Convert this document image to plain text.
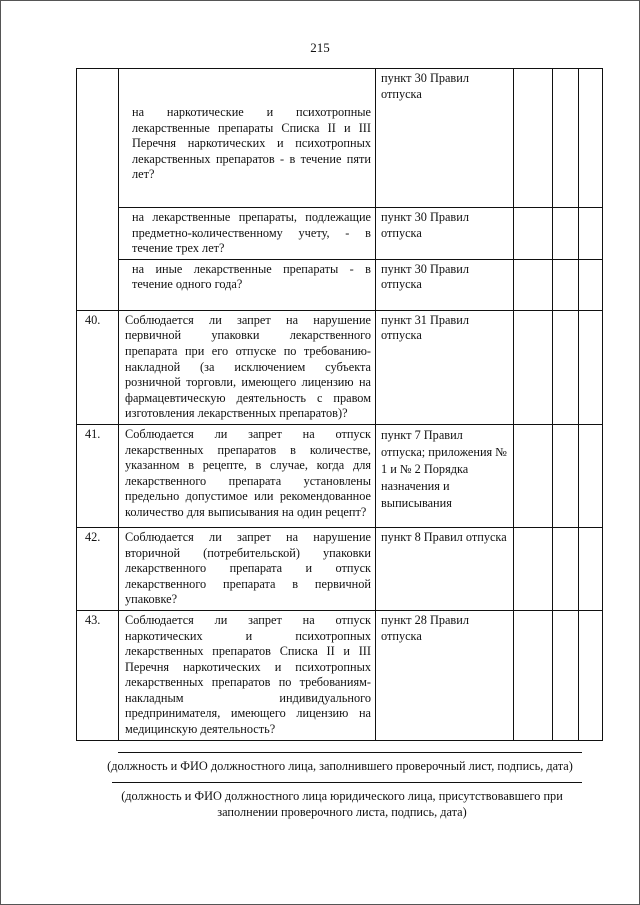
215
	на наркотические и психотропные лекарственные препараты Списка II и III Перечня наркотических и психотропных лекарственных препаратов - в течение пяти лет?	пункт 30 Правил отпуска			
	на лекарственные препараты, подлежащие предметно-количественному учету, - в течение трех лет?	пункт 30 Правил отпуска			
	на иные лекарственные препараты - в течение одного года?	пункт 30 Правил отпуска			
40.	Соблюдается ли запрет на нарушение первичной упаковки лекарственного препарата при его отпуске по требованию-накладной (за исключением субъекта розничной торговли, имеющего лицензию на фармацевтическую деятельность с правом изготовления лекарственных препаратов)?	пункт 31 Правил отпуска			
41.	Соблюдается ли запрет на отпуск лекарственных препаратов в количестве, указанном в рецепте, в случае, когда для лекарственного препарата установлены предельно допустимое или рекомендованное количество для выписывания на один рецепт?	пункт 7 Правил отпуска; приложения № 1 и № 2 Порядка назначения и выписывания			
42.	Соблюдается ли запрет на нарушение вторичной (потребительской) упаковки лекарственного препарата и отпуск лекарственного препарата в первичной упаковке?	пункт 8 Правил отпуска			
43.	Соблюдается ли запрет на отпуск наркотических и психотропных лекарственных препаратов Списка II и III Перечня наркотических и психотропных лекарственных препаратов по требованиям-накладным индивидуального предпринимателя, имеющего лицензию на медицинскую деятельность?	пункт 28 Правил отпуска			
(должность и ФИО должностного лица, заполнившего проверочный лист, подпись, дата)
(должность и ФИО должностного лица юридического лица, присутствовавшего при заполнении проверочного листа, подпись, дата)
